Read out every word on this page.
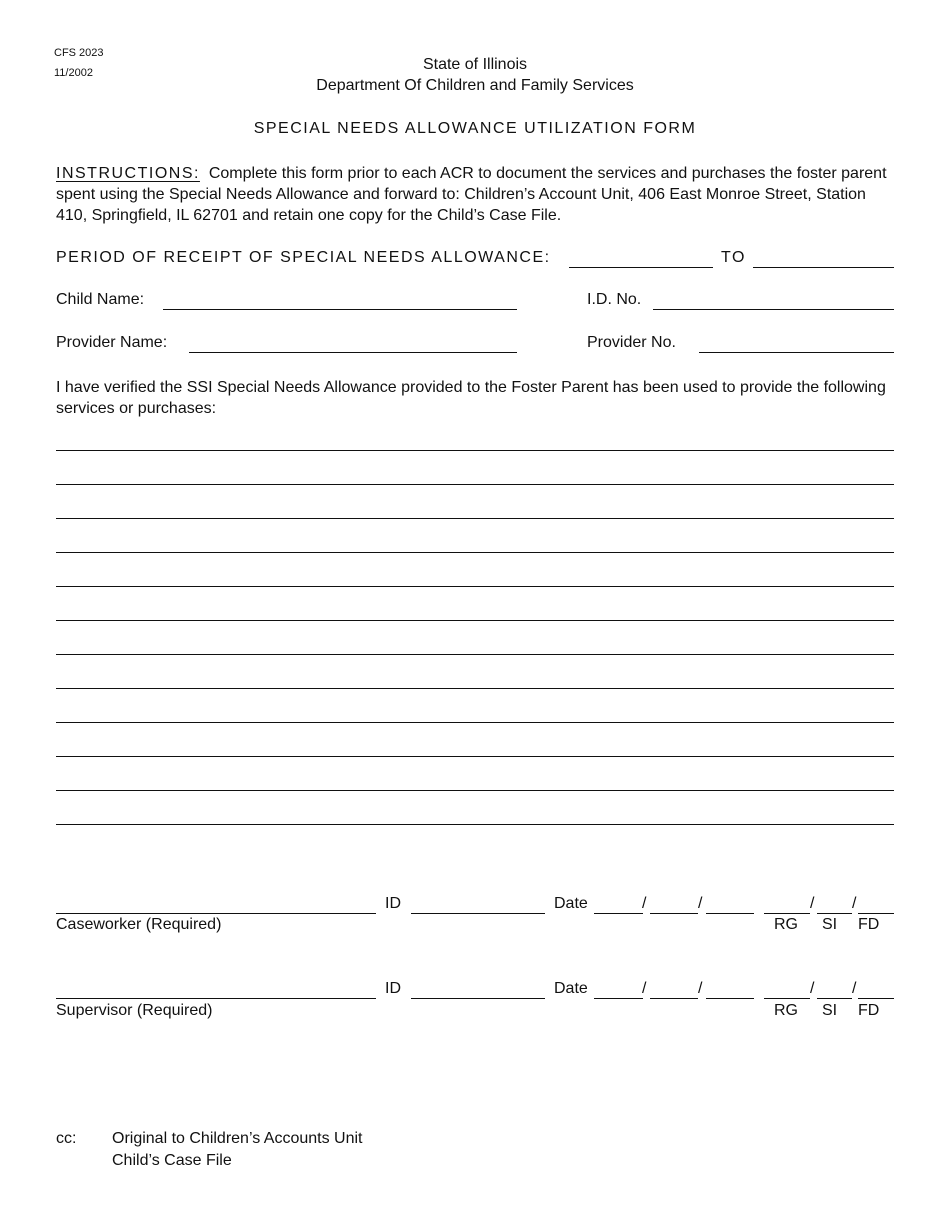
CFS 2023
11/2002	State of Illinois
Department Of Children and Family Services
SPECIAL NEEDS ALLOWANCE UTILIZATION FORM
INSTRUCTIONS: Complete this form prior to each ACR to document the services and purchases the foster parent spent using the Special Needs Allowance and forward to: Children’s Account Unit, 406 East Monroe Street, Station 410, Springfield, IL 62701 and retain one copy for the Child’s Case File.
PERIOD OF RECEIPT OF SPECIAL NEEDS ALLOWANCE:	TO
Child Name:	I.D. No.
Provider Name:	Provider No.
I have verified the SSI Special Needs Allowance provided to the Foster Parent has been used to provide the following services or purchases:
ID	Date	/	/	/ /
Caseworker (Required)	RG SI FD
ID	Date	/	/	/ /
Supervisor (Required)	RG SI FD
cc: Original to Children’s Accounts Unit
Child’s Case File
